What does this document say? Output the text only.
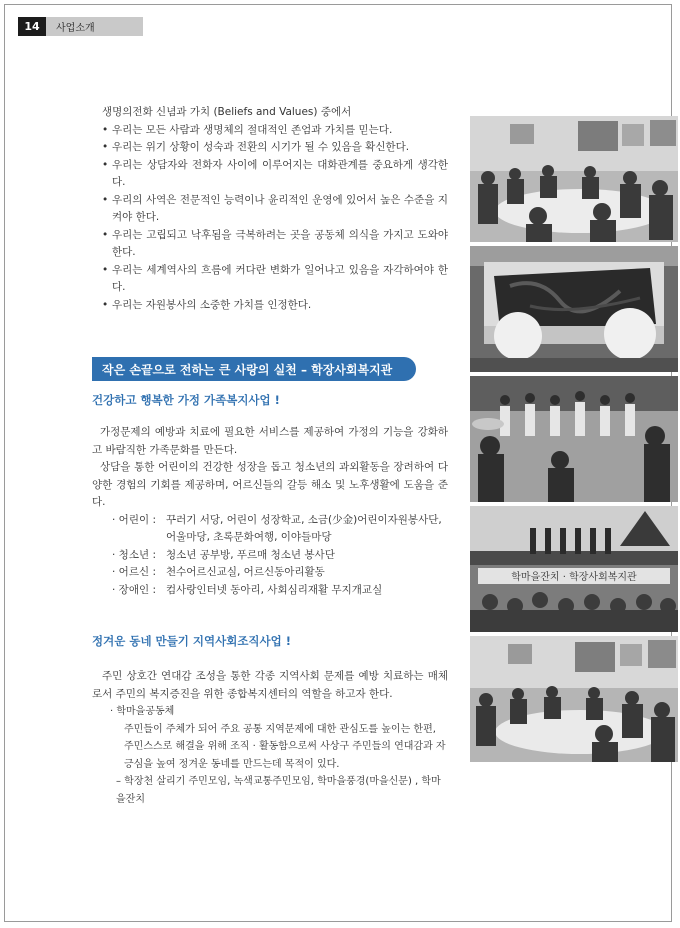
14	사업소개

생명의전화 신념과 가치 (Beliefs and Values) 중에서

• 우리는 모든 사람과 생명체의 절대적인 존엄과 가치를 믿는다.
• 우리는 위기 상황이 성숙과 전환의 시기가 될 수 있음을 확신한다.
• 우리는 상담자와 전화자 사이에 이루어지는 대화관계를 중요하게 생각한다.
• 우리의 사역은 전문적인 능력이나 윤리적인 운영에 있어서 높은 수준을 지켜야 한다.
• 우리는 고립되고 낙후됨을 극복하려는 곳을 공동체 의식을 가지고 도와야 한다.
• 우리는 세계역사의 흐름에 커다란 변화가 일어나고 있음을 자각하여야 한다.
• 우리는 자원봉사의 소중한 가치를 인정한다.
작은 손끝으로 전하는 큰 사랑의 실천 – 학장사회복지관
건강하고 행복한 가정 가족복지사업 !

가정문제의 예방과 치료에 필요한 서비스를 제공하여 가정의 기능을 강화하고 바람직한 가족문화를 만든다.

상담을 통한 어린이의 건강한 성장을 돕고 청소년의 과외활동을 장려하여 다양한 경험의 기회를 제공하며, 어르신들의 갈등 해소 및 노후생활에 도움을 준다.

· 어린이 : 꾸러기 서당, 어린이 성장학교, 소금(少金)어린이자원봉사단, 어울마당, 초록문화여행, 이야들마당
· 청소년 : 청소년 공부방, 푸르매 청소년 봉사단
· 어르신 : 천수어르신교실, 어르신동아리활동
· 장애인 : 컴사랑인터넷 동아리, 사회심리재활 무지개교실
정겨운 동네 만들기 지역사회조직사업 !

주민 상호간 연대감 조성을 통한 각종 지역사회 문제를 예방 치료하는 매체로서 주민의 복지증진을 위한 종합복지센터의 역할을 하고자 한다.

· 학마을공동체
주민들이 주체가 되어 주요 공통 지역문제에 대한 관심도를 높이는 한편, 주민스스로 해결을 위해 조직 · 활동함으로써 사상구 주민들의 연대감과 자긍심을 높여 정겨운 동네를 만드는데 목적이 있다.
– 학장천 살리기 주민모임, 녹색교통주민모임, 학마을풍경(마을신문) , 학마을잔치
학마을잔치 · 학장사회복지관
